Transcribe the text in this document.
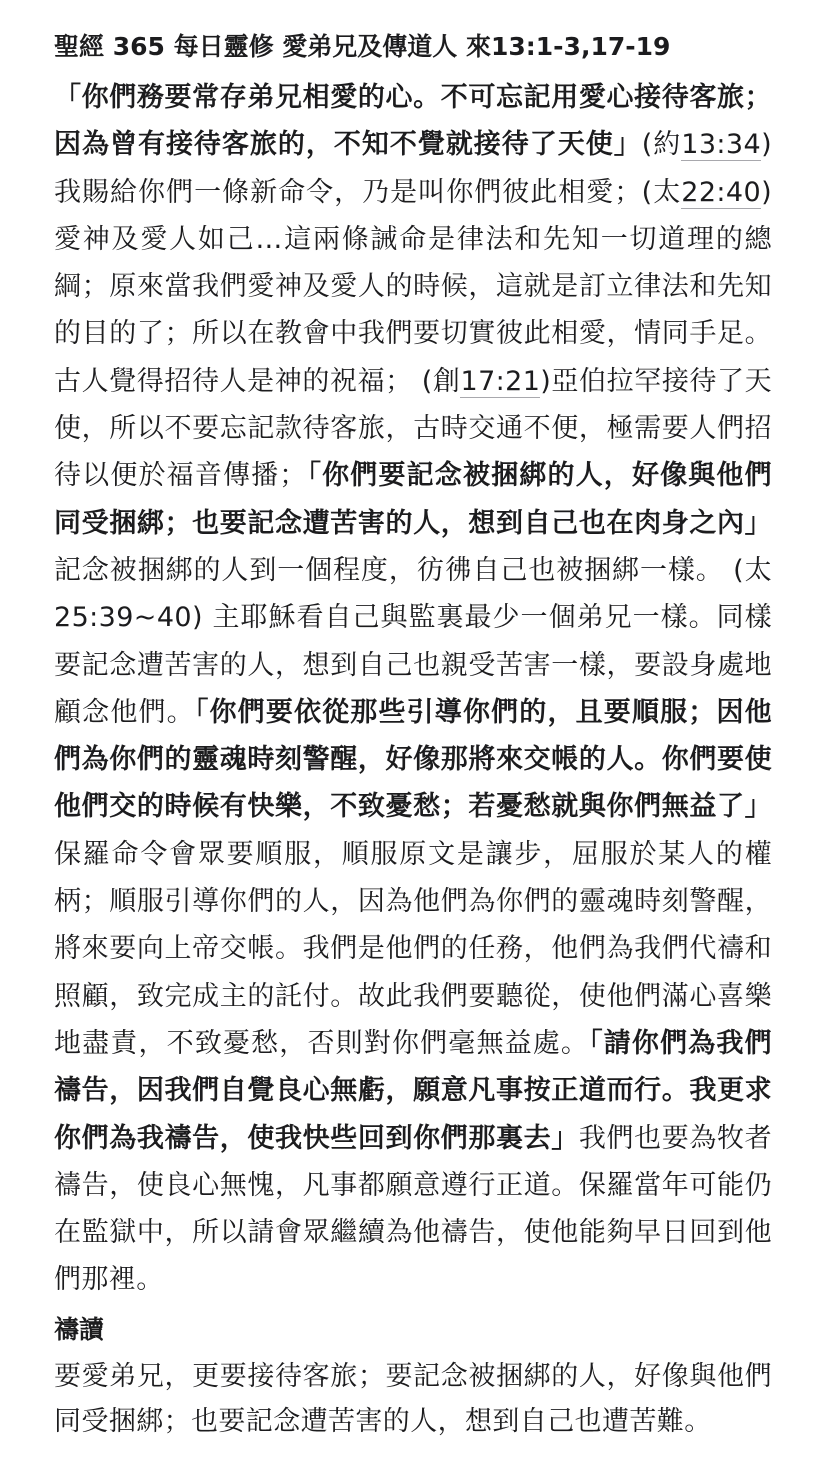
聖經 365 每日靈修 愛弟兄及傳道人 來13:1-3,17-19

「你們務要常存弟兄相愛的心。不可忘記用愛心接待客旅；因為曾有接待客旅的，不知不覺就接待了天使」(約13:34) 我賜給你們一條新命令，乃是叫你們彼此相愛；(太22:40) 愛神及愛人如己…這兩條誡命是律法和先知一切道理的總綱；原來當我們愛神及愛人的時候，這就是訂立律法和先知的目的了；所以在教會中我們要切實彼此相愛，情同手足。古人覺得招待人是神的祝福； (創17:21)亞伯拉罕接待了天使，所以不要忘記款待客旅，古時交通不便，極需要人們招待以便於福音傳播；「你們要記念被捆綁的人，好像與他們同受捆綁；也要記念遭苦害的人，想到自己也在肉身之內」記念被捆綁的人到一個程度，彷彿自己也被捆綁一樣。 (太 25:39~40) 主耶穌看自己與監裏最少一個弟兄一樣。同樣要記念遭苦害的人，想到自己也親受苦害一樣，要設身處地顧念他們。「你們要依從那些引導你們的，且要順服；因他們為你們的靈魂時刻警醒，好像那將來交帳的人。你們要使他們交的時候有快樂，不致憂愁；若憂愁就與你們無益了」保羅命令會眾要順服，順服原文是讓步，屈服於某人的權柄；順服引導你們的人，因為他們為你們的靈魂時刻警醒，將來要向上帝交帳。我們是他們的任務，他們為我們代禱和照顧，致完成主的託付。故此我們要聽從，使他們滿心喜樂地盡責，不致憂愁，否則對你們毫無益處。「請你們為我們禱告，因我們自覺良心無虧，願意凡事按正道而行。我更求你們為我禱告，使我快些回到你們那裏去」我們也要為牧者禱告，使良心無愧，凡事都願意遵行正道。保羅當年可能仍在監獄中，所以請會眾繼續為他禱告，使他能夠早日回到他們那裡。

禱讀

要愛弟兄，更要接待客旅；要記念被捆綁的人，好像與他們同受捆綁；也要記念遭苦害的人，想到自己也遭苦難。
